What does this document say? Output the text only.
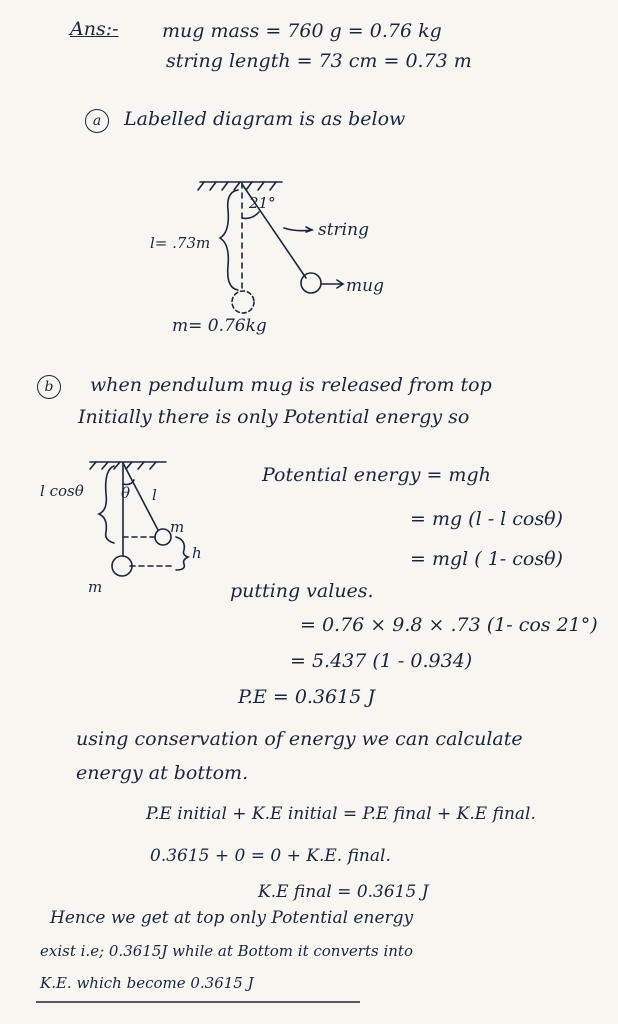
Ans:- mug mass = 760 g = 0.76 kg
string length = 73 cm = 0.73 m
a	Labelled diagram is as below
21°
l= .73m
string
mug
m= 0.76kg
b	when pendulum mug is released from top
Initially there is only Potential energy so
l cosθ θ l
m
h
m
Potential energy = mgh
= mg (l - l cosθ)
= mgl ( 1- cosθ)
putting values.
= 0.76 × 9.8 × .73 (1- cos 21°)
= 5.437 (1 - 0.934)
P.E = 0.3615 J
using conservation of energy we can calculate
energy at bottom.
P.E initial + K.E initial = P.E final + K.E final.
0.3615 + 0 = 0 + K.E. final.
K.E final = 0.3615 J
Hence we get at top only Potential energy
exist i.e; 0.3615J while at Bottom it converts into
K.E. which become 0.3615 J
